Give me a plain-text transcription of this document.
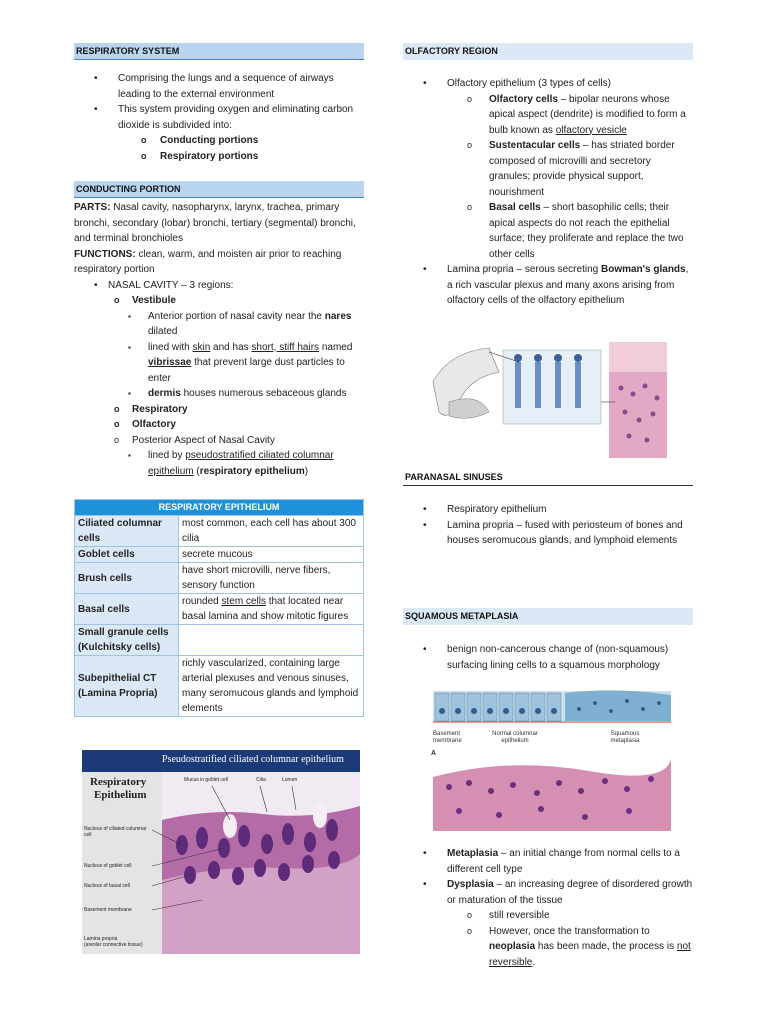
RESPIRATORY SYSTEM
• Comprising the lungs and a sequence of airways leading to the external environment
• This system providing oxygen and eliminating carbon dioxide is subdivided into:
o Conducting portions
o Respiratory portions
CONDUCTING PORTION

PARTS: Nasal cavity, nasopharynx, larynx, trachea, primary bronchi, secondary (lobar) bronchi, tertiary (segmental) bronchi, and terminal bronchioles

FUNCTIONS: clean, warm, and moisten air prior to reaching respiratory portion

• NASAL CAVITY – 3 regions:
o Vestibule
▪ Anterior portion of nasal cavity near the nares dilated
▪ lined with skin and has short, stiff hairs named vibrissae that prevent large dust particles to enter
▪ dermis houses numerous sebaceous glands
o Respiratory
o Olfactory
o Posterior Aspect of Nasal Cavity
▪ lined by pseudostratified ciliated columnar epithelium (respiratory epithelium)
RESPIRATORY EPITHELIUM	
Ciliated columnar cells	most common, each cell has about 300 cilia
Goblet cells	secrete mucous
Brush cells	have short microvilli, nerve fibers, sensory function
Basal cells	rounded stem cells that located near basal lamina and show mitotic figures
Small granule cells (Kulchitsky cells)	
Subepithelial CT (Lamina Propria)	richly vascularized, containing large arterial plexuses and venous sinuses, many seromucous glands and lymphoid elements
Pseudostratified ciliated columnar epithelium
Respiratory
Epithelium
Mucus in goblet cell	Cilia	Lumen
Nucleus of ciliated columnar cell
Nucleus of goblet cell
Nucleus of basal cell
Basement membrane
Lamina propria
(areolar connective tissue)
OLFACTORY REGION
• Olfactory epithelium (3 types of cells)
o Olfactory cells – bipolar neurons whose apical aspect (dendrite) is modified to form a bulb known as olfactory vesicle
o Sustentacular cells – has striated border composed of microvilli and secretory granules; provide physical support, nourishment
o Basal cells – short basophilic cells; their apical aspects do not reach the epithelial surface; they proliferate and replace the two other cells
• Lamina propria – serous secreting Bowman's glands, a rich vascular plexus and many axons arising from olfactory cells of the olfactory epithelium
PARANASAL SINUSES
• Respiratory epithelium
• Lamina propria – fused with periosteum of bones and houses seromucous glands, and lymphoid elements
SQUAMOUS METAPLASIA
• benign non-cancerous change of (non-squamous) surfacing lining cells to a squamous morphology
Basement membrane
Normal columnar epithelium
Squamous metaplasia
A
• Metaplasia – an initial change from normal cells to a different cell type
• Dysplasia – an increasing degree of disordered growth or maturation of the tissue
o still reversible
o However, once the transformation to neoplasia has been made, the process is not reversible.
